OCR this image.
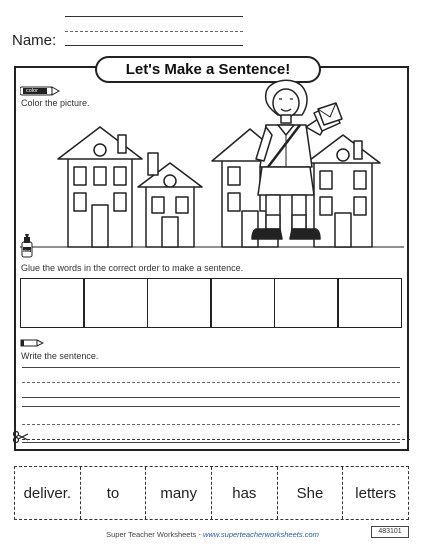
Name:
Let's Make a Sentence!
color
Color the picture.
glue
Glue the words in the correct order to make a sentence.
Write the sentence.
deliver.	to	many	has	She	letters
Super Teacher Worksheets - www.superteacherworksheets.com	483101
